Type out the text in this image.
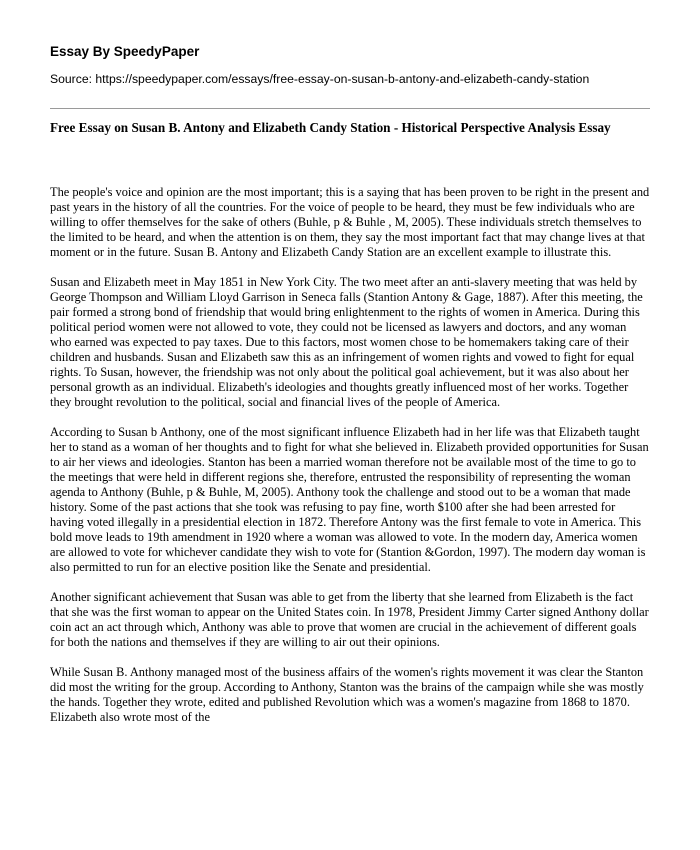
Essay By SpeedyPaper
Source: https://speedypaper.com/essays/free-essay-on-susan-b-antony-and-elizabeth-candy-station
Free Essay on Susan B. Antony and Elizabeth Candy Station - Historical Perspective Analysis Essay

The people's voice and opinion are the most important; this is a saying that has been proven to be right in the present and past years in the history of all the countries. For the voice of people to be heard, they must be few individuals who are willing to offer themselves for the sake of others (Buhle, p & Buhle , M, 2005). These individuals stretch themselves to the limited to be heard, and when the attention is on them, they say the most important fact that may change lives at that moment or in the future. Susan B. Antony and Elizabeth Candy Station are an excellent example to illustrate this.

Susan and Elizabeth meet in May 1851 in New York City. The two meet after an anti-slavery meeting that was held by George Thompson and William Lloyd Garrison in Seneca falls (Stantion Antony & Gage, 1887). After this meeting, the pair formed a strong bond of friendship that would bring enlightenment to the rights of women in America. During this political period women were not allowed to vote, they could not be licensed as lawyers and doctors, and any woman who earned was expected to pay taxes. Due to this factors, most women chose to be homemakers taking care of their children and husbands. Susan and Elizabeth saw this as an infringement of women rights and vowed to fight for equal rights. To Susan, however, the friendship was not only about the political goal achievement, but it was also about her personal growth as an individual. Elizabeth's ideologies and thoughts greatly influenced most of her works. Together they brought revolution to the political, social and financial lives of the people of America.

According to Susan b Anthony, one of the most significant influence Elizabeth had in her life was that Elizabeth taught her to stand as a woman of her thoughts and to fight for what she believed in. Elizabeth provided opportunities for Susan to air her views and ideologies. Stanton has been a married woman therefore not be available most of the time to go to the meetings that were held in different regions she, therefore, entrusted the responsibility of representing the woman agenda to Anthony (Buhle, p & Buhle, M, 2005). Anthony took the challenge and stood out to be a woman that made history. Some of the past actions that she took was refusing to pay fine, worth $100 after she had been arrested for having voted illegally in a presidential election in 1872. Therefore Antony was the first female to vote in America. This bold move leads to 19th amendment in 1920 where a woman was allowed to vote. In the modern day, America women are allowed to vote for whichever candidate they wish to vote for (Stantion &Gordon, 1997). The modern day woman is also permitted to run for an elective position like the Senate and presidential.

Another significant achievement that Susan was able to get from the liberty that she learned from Elizabeth is the fact that she was the first woman to appear on the United States coin. In 1978, President Jimmy Carter signed Anthony dollar coin act an act through which, Anthony was able to prove that women are crucial in the achievement of different goals for both the nations and themselves if they are willing to air out their opinions.

While Susan B. Anthony managed most of the business affairs of the women's rights movement it was clear the Stanton did most the writing for the group. According to Anthony, Stanton was the brains of the campaign while she was mostly the hands. Together they wrote, edited and published Revolution which was a women's magazine from 1868 to 1870. Elizabeth also wrote most of the
